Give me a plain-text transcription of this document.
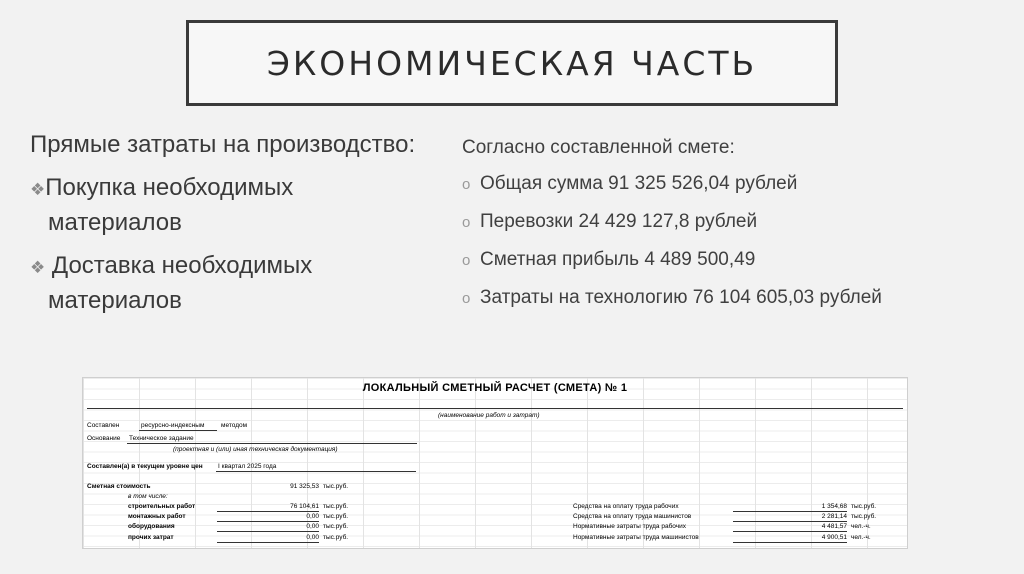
ЭКОНОМИЧЕСКАЯ ЧАСТЬ
Прямые затраты на производство:
❖Покупка необходимых
материалов
❖ Доставка необходимых
материалов
Согласно составленной смете:
o Общая сумма 91 325 526,04 рублей
o Перевозки 24 429 127,8 рублей
o Сметная прибыль 4 489 500,49
o Затраты на технологию 76 104 605,03 рублей
ЛОКАЛЬНЫЙ СМЕТНЫЙ РАСЧЕТ (СМЕТА) № 1
(наименование работ и затрат)
Составлен	ресурсно-индексным	методом
Основание Техническое задание
(проектная и (или) иная техническая документация)
Составлен(а) в текущем уровне цен I квартал 2025 года
Сметная стоимость	91 325,53 тыс.руб.
в том числе:
строительных работ	76 104,61 тыс.руб.
монтажных работ	0,00 тыс.руб.
оборудования	0,00 тыс.руб.
прочих затрат	0,00 тыс.руб.
Средства на оплату труда рабочих	1 354,68 тыс.руб.
Средства на оплату труда машинистов	2 281,14 тыс.руб.
Нормативные затраты труда рабочих	4 481,57 чел.-ч.
Нормативные затраты труда машинистов	4 900,51 чел.-ч.
